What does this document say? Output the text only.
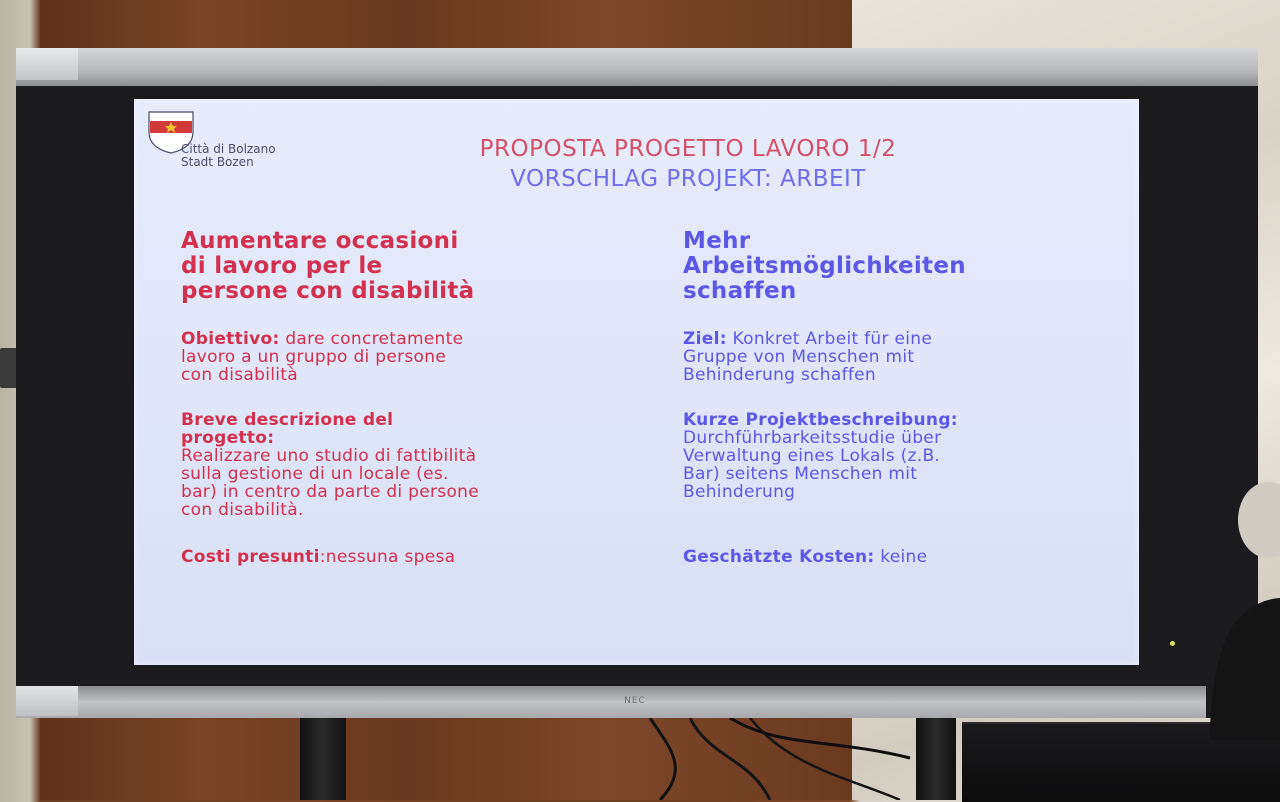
NEC
Città di Bolzano
Stadt Bozen	PROPOSTA PROGETTO LAVORO 1/2
VORSCHLAG PROJEKT: ARBEIT
Aumentare occasioni
di lavoro per le
persone con disabilità
Obiettivo: dare concretamente
lavoro a un gruppo di persone
con disabilità
Breve descrizione del
progetto:
Realizzare uno studio di fattibilità
sulla gestione di un locale (es.
bar) in centro da parte di persone
con disabilità.
Costi presunti:nessuna spesa
Mehr
Arbeitsmöglichkeiten
schaffen
Ziel: Konkret Arbeit für eine
Gruppe von Menschen mit
Behinderung schaffen
Kurze Projektbeschreibung:
Durchführbarkeitsstudie über
Verwaltung eines Lokals (z.B.
Bar) seitens Menschen mit
Behinderung
Geschätzte Kosten: keine
